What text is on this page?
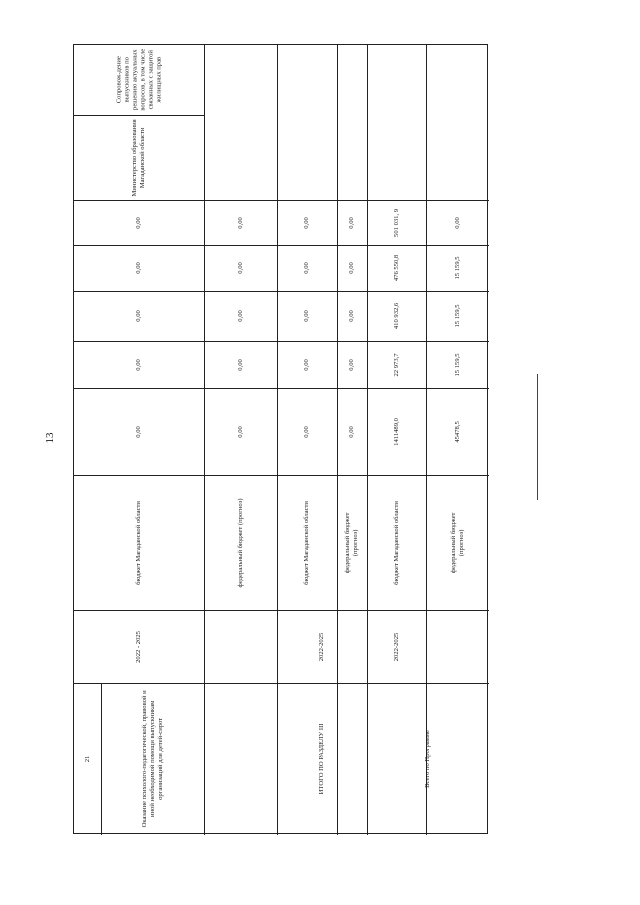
13
Сопровож-дение выпускников по решению актуальных вопросов, в том числе связанных с защитой жилищных прав
Министерство образования Магаданской области
0,00
0,00
0,00
0,00
0,00
бюджет Магаданской области
2022 - 2025
Оказание психолого-педагогической, правовой и иной необходимой помощи выпускникам организаций для детей-сирот
21
0,00
0,00
0,00
0,00
0,00
федеральный бюджет (прогноз)
0,00
0,00
0,00
0,00
0,00
бюджет Магаданской области
2022-2025
ИТОГО ПО РАЗДЕЛУ III
0,00
0,00
0,00
0,00
0,00
федеральный бюджет (прогноз)
501 031, 9
476 550,8
410 932,6
22 973,7
1411489,0
бюджет Магаданской области
2022-2025
Всего по Программе
0,00
15 159,5
15 159,5
15 159,5
45478,5
федеральный бюджет (прогноз)
